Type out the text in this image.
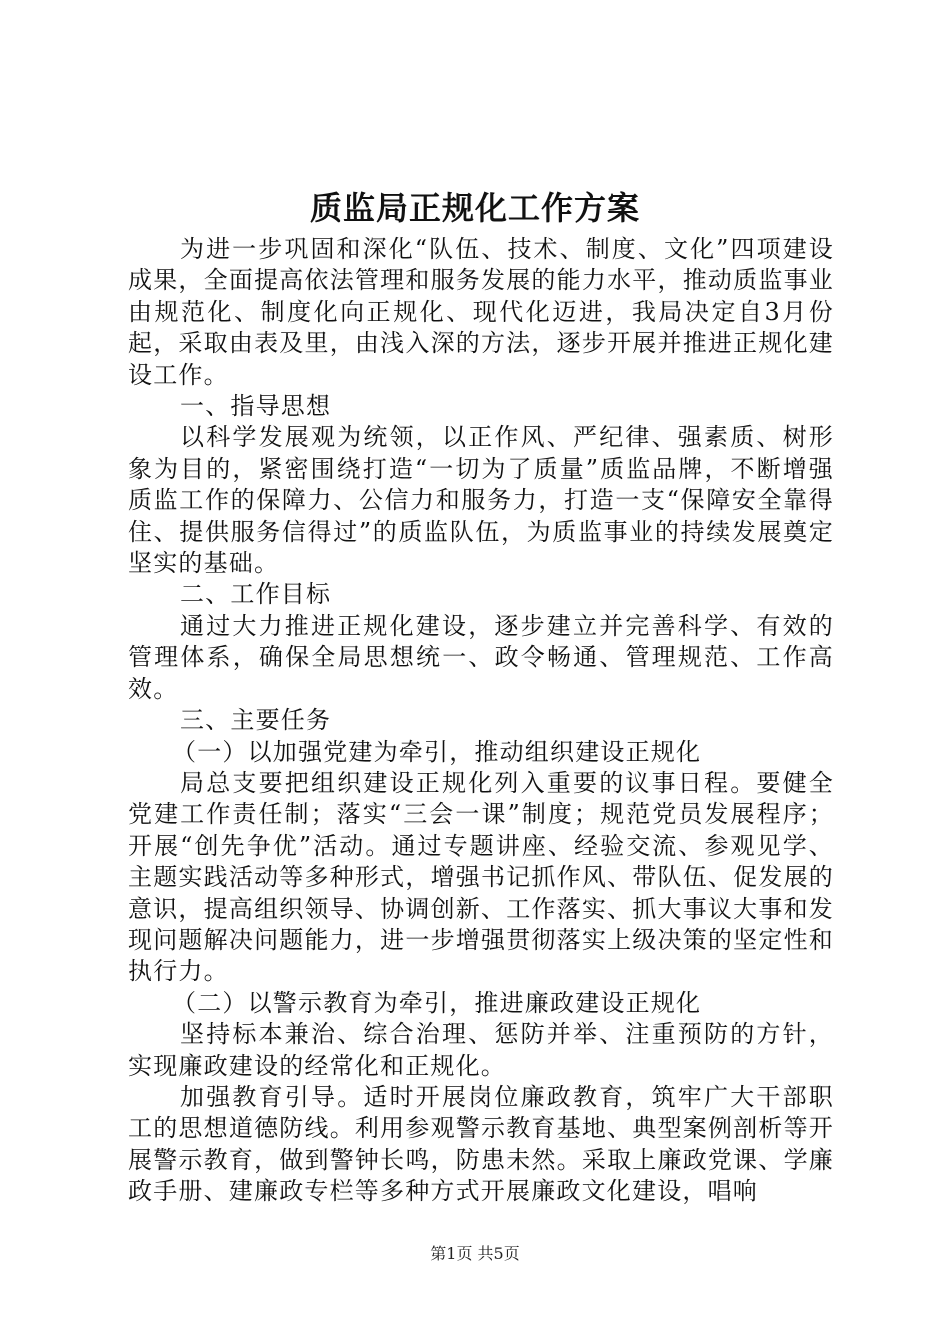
质监局正规化工作方案

为进一步巩固和深化“队伍、技术、制度、文化”四项建设成果，全面提高依法管理和服务发展的能力水平，推动质监事业由规范化、制度化向正规化、现代化迈进，我局决定自3月份起，采取由表及里，由浅入深的方法，逐步开展并推进正规化建设工作。

一、指导思想

以科学发展观为统领，以正作风、严纪律、强素质、树形象为目的，紧密围绕打造“一切为了质量”质监品牌，不断增强质监工作的保障力、公信力和服务力，打造一支“保障安全靠得住、提供服务信得过”的质监队伍，为质监事业的持续发展奠定坚实的基础。

二、工作目标

通过大力推进正规化建设，逐步建立并完善科学、有效的管理体系，确保全局思想统一、政令畅通、管理规范、工作高效。

三、主要任务

（一）以加强党建为牵引，推动组织建设正规化

局总支要把组织建设正规化列入重要的议事日程。要健全党建工作责任制；落实“三会一课”制度；规范党员发展程序；开展“创先争优”活动。通过专题讲座、经验交流、参观见学、主题实践活动等多种形式，增强书记抓作风、带队伍、促发展的意识，提高组织领导、协调创新、工作落实、抓大事议大事和发现问题解决问题能力，进一步增强贯彻落实上级决策的坚定性和执行力。

（二）以警示教育为牵引，推进廉政建设正规化

坚持标本兼治、综合治理、惩防并举、注重预防的方针，实现廉政建设的经常化和正规化。

加强教育引导。适时开展岗位廉政教育，筑牢广大干部职工的思想道德防线。利用参观警示教育基地、典型案例剖析等开展警示教育，做到警钟长鸣，防患未然。采取上廉政党课、学廉政手册、建廉政专栏等多种方式开展廉政文化建设，唱响

第1页 共5页
